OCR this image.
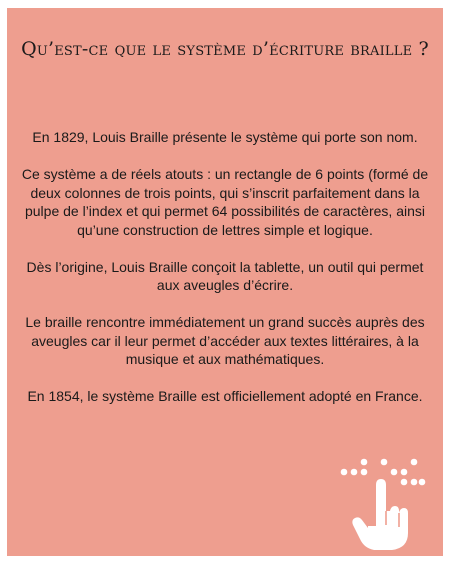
Qu’est-ce que le système d’écriture braille ?

En 1829, Louis Braille présente le système qui porte son nom.

Ce système a de réels atouts : un rectangle de 6 points (formé de deux colonnes de trois points, qui s’inscrit parfaitement dans la pulpe de l’index et qui permet 64 possibilités de caractères, ainsi qu’une construction de lettres simple et logique.

Dès l’origine, Louis Braille conçoit la tablette, un outil qui permet aux aveugles d’écrire.

Le braille rencontre immédiatement un grand succès auprès des aveugles car il leur permet d’accéder aux textes littéraires, à la musique et aux mathématiques.

En 1854, le système Braille est officiellement adopté en France.
